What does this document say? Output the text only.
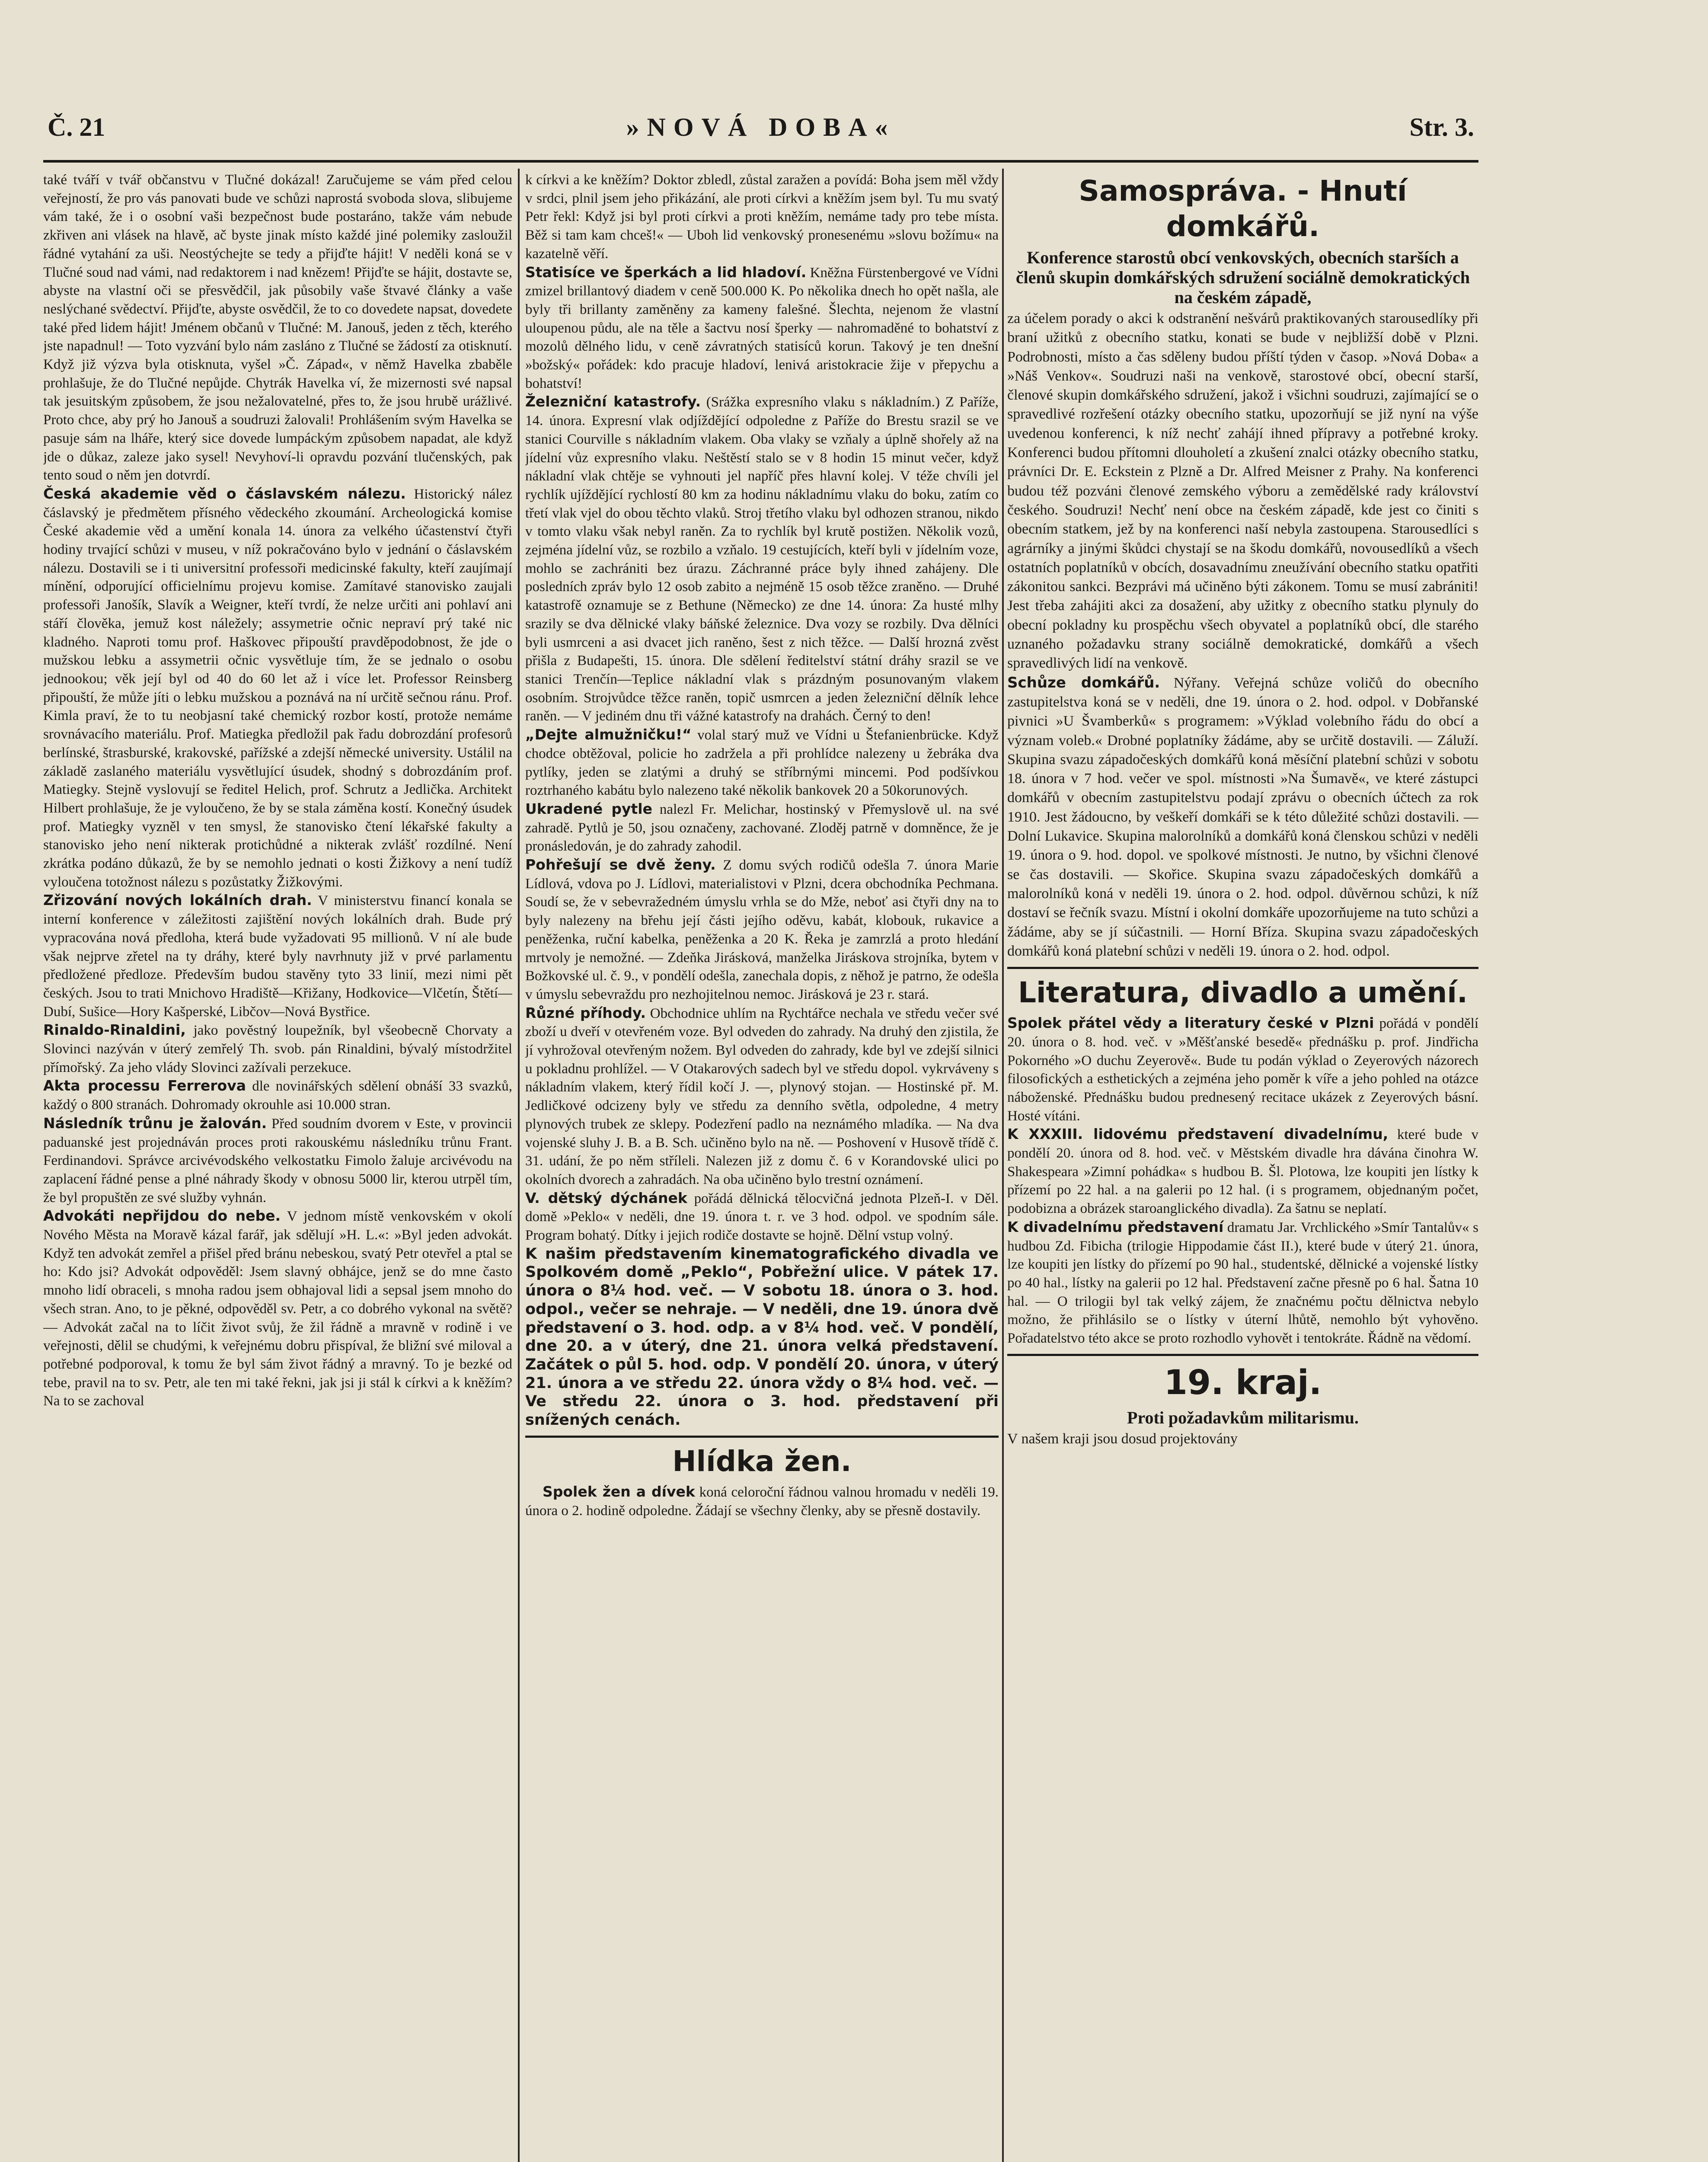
Č. 21	»NOVÁ DOBA«	Str. 3.

také tváří v tvář občanstvu v Tlučné dokázal! Zaručujeme se vám před celou veřejností, že pro vás panovati bude ve schůzi naprostá svoboda slova, slibujeme vám také, že i o osobní vaši bezpečnost bude postaráno, takže vám nebude zkřiven ani vlásek na hlavě, ač byste jinak místo každé jiné polemiky zasloužil řádné vytahání za uši. Neostýchejte se tedy a přijďte hájit! V neděli koná se v Tlučné soud nad vámi, nad redaktorem i nad knězem! Přijďte se hájit, dostavte se, abyste na vlastní oči se přesvědčil, jak působily vaše štvavé články a vaše neslýchané svědectví. Přijďte, abyste osvědčil, že to co dovedete napsat, dovedete také před lidem hájit! Jménem občanů v Tlučné: M. Janouš, jeden z těch, kterého jste napadnul! — Toto vyzvání bylo nám zasláno z Tlučné se žádostí za otisknutí. Když již výzva byla otisknuta, vyšel »Č. Západ«, v němž Havelka zbaběle prohlašuje, že do Tlučné nepůjde. Chytrák Havelka ví, že mizernosti své napsal tak jesuitským způsobem, že jsou nežalovatelné, přes to, že jsou hrubě urážlivé. Proto chce, aby prý ho Janouš a soudruzi žalovali! Prohlášením svým Havelka se pasuje sám na lháře, který sice dovede lumpáckým způsobem napadat, ale když jde o důkaz, zaleze jako sysel! Nevyhoví-li opravdu pozvání tlučenských, pak tento soud o něm jen dotvrdí.

Česká akademie věd o čáslavském nálezu. Historický nález čáslavský je předmětem přísného vědeckého zkoumání. Archeologická komise České akademie věd a umění konala 14. února za velkého účastenství čtyři hodiny trvající schůzi v museu, v níž pokračováno bylo v jednání o čáslavském nálezu. Dostavili se i ti universitní professoři medicinské fakulty, kteří zaujímají mínění, odporující officielnímu projevu komise. Zamítavé stanovisko zaujali professoři Janošík, Slavík a Weigner, kteří tvrdí, že nelze určiti ani pohlaví ani stáří člověka, jemuž kost náležely; assymetrie očnic nepraví prý také nic kladného. Naproti tomu prof. Haškovec připouští pravděpodobnost, že jde o mužskou lebku a assymetrii očnic vysvětluje tím, že se jednalo o osobu jednookou; věk její byl od 40 do 60 let až i více let. Professor Reinsberg připouští, že může jíti o lebku mužskou a poznává na ní určitě sečnou ránu. Prof. Kimla praví, že to tu neobjasní také chemický rozbor kostí, protože nemáme srovnávacího materiálu. Prof. Matiegka předložil pak řadu dobrozdání profesorů berlínské, štrasburské, krakovské, pařížské a zdejší německé university. Ustálil na základě zaslaného materiálu vysvětlující úsudek, shodný s dobrozdáním prof. Matiegky. Stejně vyslovují se ředitel Helich, prof. Schrutz a Jedlička. Architekt Hilbert prohlašuje, že je vyloučeno, že by se stala záměna kostí. Konečný úsudek prof. Matiegky vyzněl v ten smysl, že stanovisko čtení lékařské fakulty a stanovisko jeho není nikterak protichůdné a nikterak zvlášť rozdílné. Není zkrátka podáno důkazů, že by se nemohlo jednati o kosti Žižkovy a není tudíž vyloučena totožnost nálezu s pozůstatky Žižkovými.

Zřizování nových lokálních drah. V ministerstvu financí konala se interní konference v záležitosti zajištění nových lokálních drah. Bude prý vypracována nová předloha, která bude vyžadovati 95 millionů. V ní ale bude však nejprve zřetel na ty dráhy, které byly navrhnuty již v prvé parlamentu předložené předloze. Především budou stavěny tyto 33 linií, mezi nimi pět českých. Jsou to trati Mnichovo Hradiště—Křižany, Hodkovice—Vlčetín, Štětí—Dubí, Sušice—Hory Kašperské, Libčov—Nová Bystřice.

Rinaldo-Rinaldini, jako pověstný loupežník, byl všeobecně Chorvaty a Slovinci nazýván v úterý zemřelý Th. svob. pán Rinaldini, bývalý místodržitel přímořský. Za jeho vlády Slovinci zažívali perzekuce.

Akta processu Ferrerova dle novinářských sdělení obnáší 33 svazků, každý o 800 stranách. Dohromady okrouhle asi 10.000 stran.

Následník trůnu je žalován. Před soudním dvorem v Este, v provincii paduanské jest projednáván proces proti rakouskému následníku trůnu Frant. Ferdinandovi. Správce arcivévodského velkostatku Fimolo žaluje arcivévodu na zaplacení řádné pense a plné náhrady škody v obnosu 5000 lir, kterou utrpěl tím, že byl propuštěn ze své služby vyhnán.

Advokáti nepřijdou do nebe. V jednom místě venkovském v okolí Nového Města na Moravě kázal farář, jak sdělují »H. L.«: »Byl jeden advokát. Když ten advokát zemřel a přišel před bránu nebeskou, svatý Petr otevřel a ptal se ho: Kdo jsi? Advokát odpověděl: Jsem slavný obhájce, jenž se do mne často mnoho lidí obraceli, s mnoha radou jsem obhajoval lidi a sepsal jsem mnoho do všech stran. Ano, to je pěkné, odpověděl sv. Petr, a co dobrého vykonal na světě? — Advokát začal na to líčit život svůj, že žil řádně a mravně v rodině i ve veřejnosti, dělil se chudými, k veřejnému dobru přispíval, že bližní své miloval a potřebné podporoval, k tomu že byl sám život řádný a mravný. To je bezké od tebe, pravil na to sv. Petr, ale ten mi také řekni, jak jsi ji stál k církvi a k kněžím? Na to se zachoval

k církvi a ke kněžím? Doktor zbledl, zůstal zaražen a povídá: Boha jsem měl vždy v srdci, plnil jsem jeho přikázání, ale proti církvi a kněžím jsem byl. Tu mu svatý Petr řekl: Když jsi byl proti církvi a proti kněžím, nemáme tady pro tebe místa. Běž si tam kam chceš!« — Uboh lid venkovský pronesenému »slovu božímu« na kazatelně věří.

Statisíce ve šperkách a lid hladoví. Kněžna Fürstenbergové ve Vídni zmizel brillantový diadem v ceně 500.000 K. Po několika dnech ho opět našla, ale byly tři brillanty zaměněny za kameny falešné. Šlechta, nejenom že vlastní uloupenou půdu, ale na těle a šactvu nosí šperky — nahromaděné to bohatství z mozolů dělného lidu, v ceně závratných statisíců korun. Takový je ten dnešní »božský« pořádek: kdo pracuje hladoví, lenivá aristokracie žije v přepychu a bohatství!

Železniční katastrofy. (Srážka expresního vlaku s nákladním.) Z Paříže, 14. února. Expresní vlak odjíždějící odpoledne z Paříže do Brestu srazil se ve stanici Courville s nákladním vlakem. Oba vlaky se vzňaly a úplně shořely až na jídelní vůz expresního vlaku. Neštěstí stalo se v 8 hodin 15 minut večer, když nákladní vlak chtěje se vyhnouti jel napříč přes hlavní kolej. V téže chvíli jel rychlík ujíždějící rychlostí 80 km za hodinu nákladnímu vlaku do boku, zatím co třetí vlak vjel do obou těchto vlaků. Stroj třetího vlaku byl odhozen stranou, nikdo v tomto vlaku však nebyl raněn. Za to rychlík byl krutě postižen. Několik vozů, zejména jídelní vůz, se rozbilo a vzňalo. 19 cestujících, kteří byli v jídelním voze, mohlo se zachrániti bez úrazu. Záchranné práce byly ihned zahájeny. Dle posledních zpráv bylo 12 osob zabito a nejméně 15 osob těžce zraněno. — Druhé katastrofě oznamuje se z Bethune (Německo) ze dne 14. února: Za husté mlhy srazily se dva dělnické vlaky báňské železnice. Dva vozy se rozbily. Dva dělníci byli usmrceni a asi dvacet jich raněno, šest z nich těžce. — Další hrozná zvěst přišla z Budapešti, 15. února. Dle sdělení ředitelství státní dráhy srazil se ve stanici Trenčín—Teplice nákladní vlak s prázdným posunovaným vlakem osobním. Strojvůdce těžce raněn, topič usmrcen a jeden železniční dělník lehce raněn. — V jediném dnu tři vážné katastrofy na drahách. Černý to den!

„Dejte almužničku!“ volal starý muž ve Vídni u Štefanienbrücke. Když chodce obtěžoval, policie ho zadržela a při prohlídce nalezeny u žebráka dva pytlíky, jeden se zlatými a druhý se stříbrnými mincemi. Pod podšívkou roztrhaného kabátu bylo nalezeno také několik bankovek 20 a 50korunových.

Ukradené pytle nalezl Fr. Melichar, hostinský v Přemyslově ul. na své zahradě. Pytlů je 50, jsou označeny, zachované. Zloděj patrně v domněnce, že je pronásledován, je do zahrady zahodil.

Pohřešují se dvě ženy. Z domu svých rodičů odešla 7. února Marie Lídlová, vdova po J. Lídlovi, materialistovi v Plzni, dcera obchodníka Pechmana. Soudí se, že v sebevražedném úmyslu vrhla se do Mže, neboť asi čtyři dny na to byly nalezeny na břehu její části jejího oděvu, kabát, klobouk, rukavice a peněženka, ruční kabelka, peněženka a 20 K. Řeka je zamrzlá a proto hledání mrtvoly je nemožné. — Zdeňka Jirásková, manželka Jiráskova strojníka, bytem v Božkovské ul. č. 9., v pondělí odešla, zanechala dopis, z něhož je patrno, že odešla v úmyslu sebevraždu pro nezhojitelnou nemoc. Jirásková je 23 r. stará.

Různé příhody. Obchodnice uhlím na Rychtářce nechala ve středu večer své zboží u dveří v otevřeném voze. Byl odveden do zahrady. Na druhý den zjistila, že jí vyhrožoval otevřeným nožem. Byl odveden do zahrady, kde byl ve zdejší silnici u pokladnu prohlížel. — V Otakarových sadech byl ve středu dopol. vykrváveny s nákladním vlakem, který řídil kočí J. —, plynový stojan. — Hostinské př. M. Jedličkové odcizeny byly ve středu za denního světla, odpoledne, 4 metry plynových trubek ze sklepy. Podezření padlo na neznámého mladíka. — Na dva vojenské sluhy J. B. a B. Sch. učiněno bylo na ně. — Poshovení v Husově třídě č. 31. udání, že po něm stříleli. Nalezen již z domu č. 6 v Korandovské ulici po okolních dvorech a zahradách. Na oba učiněno bylo trestní oznámení.

V. dětský dýchánek pořádá dělnická tělocvičná jednota Plzeň-I. v Děl. domě »Peklo« v neděli, dne 19. února t. r. ve 3 hod. odpol. ve spodním sále. Program bohatý. Dítky i jejich rodiče dostavte se hojně. Dělní vstup volný.

K našim představením kinematografického divadla ve Spolkovém domě „Peklo“, Pobřežní ulice. V pátek 17. února o 8¼ hod. več. — V sobotu 18. února o 3. hod. odpol., večer se nehraje. — V neděli, dne 19. února dvě představení o 3. hod. odp. a v 8¼ hod. več. V pondělí, dne 20. a v úterý, dne 21. února velká představení. Začátek o půl 5. hod. odp. V pondělí 20. února, v úterý 21. února a ve středu 22. února vždy o 8¼ hod. več. — Ve středu 22. února o 3. hod. představení při snížených cenách.

Hlídka žen.

Spolek žen a dívek koná celoroční řádnou valnou hromadu v neděli 19. února o 2. hodině odpoledne. Žádají se všechny členky, aby se přesně dostavily.

Samospráva. - Hnutí domkářů.
Konference starostů obcí venkovských, obecních starších a členů skupin domkářských sdružení sociálně demokratických na českém západě,

za účelem porady o akci k odstranění nešvárů praktikovaných starousedlíky při braní užitků z obecního statku, konati se bude v nejbližší době v Plzni. Podrobnosti, místo a čas sděleny budou příští týden v časop. »Nová Doba« a »Náš Venkov«. Soudruzi naši na venkově, starostové obcí, obecní starší, členové skupin domkářského sdružení, jakož i všichni soudruzi, zajímající se o spravedlivé rozřešení otázky obecního statku, upozorňují se již nyní na výše uvedenou konferenci, k níž nechť zahájí ihned přípravy a potřebné kroky. Konferenci budou přítomni dlouholetí a zkušení znalci otázky obecního statku, právníci Dr. E. Eckstein z Plzně a Dr. Alfred Meisner z Prahy. Na konferenci budou též pozváni členové zemského výboru a zemědělské rady království českého. Soudruzi! Nechť není obce na českém západě, kde jest co činiti s obecním statkem, jež by na konferenci naší nebyla zastoupena. Starousedlíci s agrárníky a jinými škůdci chystají se na škodu domkářů, novousedlíků a všech ostatních poplatníků v obcích, dosavadnímu zneužívání obecního statku opatřiti zákonitou sankci. Bezprávi má učiněno býti zákonem. Tomu se musí zabrániti! Jest třeba zahájiti akci za dosažení, aby užitky z obecního statku plynuly do obecní pokladny ku prospěchu všech obyvatel a poplatníků obcí, dle starého uznaného požadavku strany sociálně demokratické, domkářů a všech spravedlivých lidí na venkově.

Schůze domkářů. Nýřany. Veřejná schůze voličů do obecního zastupitelstva koná se v neděli, dne 19. února o 2. hod. odpol. v Dobřanské pivnici »U Švamberků« s programem: »Výklad volebního řádu do obcí a význam voleb.« Drobné poplatníky žádáme, aby se určitě dostavili. — Záluží. Skupina svazu západočeských domkářů koná měsíční platební schůzi v sobotu 18. února v 7 hod. večer ve spol. místnosti »Na Šumavě«, ve které zástupci domkářů v obecním zastupitelstvu podají zprávu o obecních účtech za rok 1910. Jest žádoucno, by veškeří domkáři se k této důležité schůzi dostavili. — Dolní Lukavice. Skupina malorolníků a domkářů koná členskou schůzi v neděli 19. února o 9. hod. dopol. ve spolkové místnosti. Je nutno, by všichni členové se čas dostavili. — Skořice. Skupina svazu západočeských domkářů a malorolníků koná v neděli 19. února o 2. hod. odpol. důvěrnou schůzi, k níž dostaví se řečník svazu. Místní i okolní domkáře upozorňujeme na tuto schůzi a žádáme, aby se jí súčastnili. — Horní Bříza. Skupina svazu západočeských domkářů koná platební schůzi v neděli 19. února o 2. hod. odpol.

Literatura, divadlo a umění.

Spolek přátel vědy a literatury české v Plzni pořádá v pondělí 20. února o 8. hod. več. v »Měšťanské besedě« přednášku p. prof. Jindřicha Pokorného »O duchu Zeyerově«. Bude tu podán výklad o Zeyerových názorech filosofických a esthetických a zejména jeho poměr k víře a jeho pohled na otázce náboženské. Přednášku budou prednesený recitace ukázek z Zeyerových básní. Hosté vítáni.

K XXXIII. lidovému představení divadelnímu, které bude v pondělí 20. února od 8. hod. več. v Městském divadle hra dávána činohra W. Shakespeara »Zimní pohádka« s hudbou B. Šl. Plotowa, lze koupiti jen lístky k přízemí po 22 hal. a na galerii po 12 hal. (i s programem, objednaným počet, podobizna a obrázek staroanglického divadla). Za šatnu se neplatí.

K divadelnímu představení dramatu Jar. Vrchlického »Smír Tantalův« s hudbou Zd. Fibicha (trilogie Hippodamie část II.), které bude v úterý 21. února, lze koupiti jen lístky do přízemí po 90 hal., studentské, dělnické a vojenské lístky po 40 hal., lístky na galerii po 12 hal. Představení začne přesně po 6 hal. Šatna 10 hal. — O trilogii byl tak velký zájem, že značnému počtu dělnictva nebylo možno, že přihlásilo se o lístky v úterní lhůtě, nemohlo být vyhověno. Pořadatelstvo této akce se proto rozhodlo vyhovět i tentokráte. Řádně na vědomí.

19. kraj.
Proti požadavkům militarismu.

V našem kraji jsou dosud projektovány
